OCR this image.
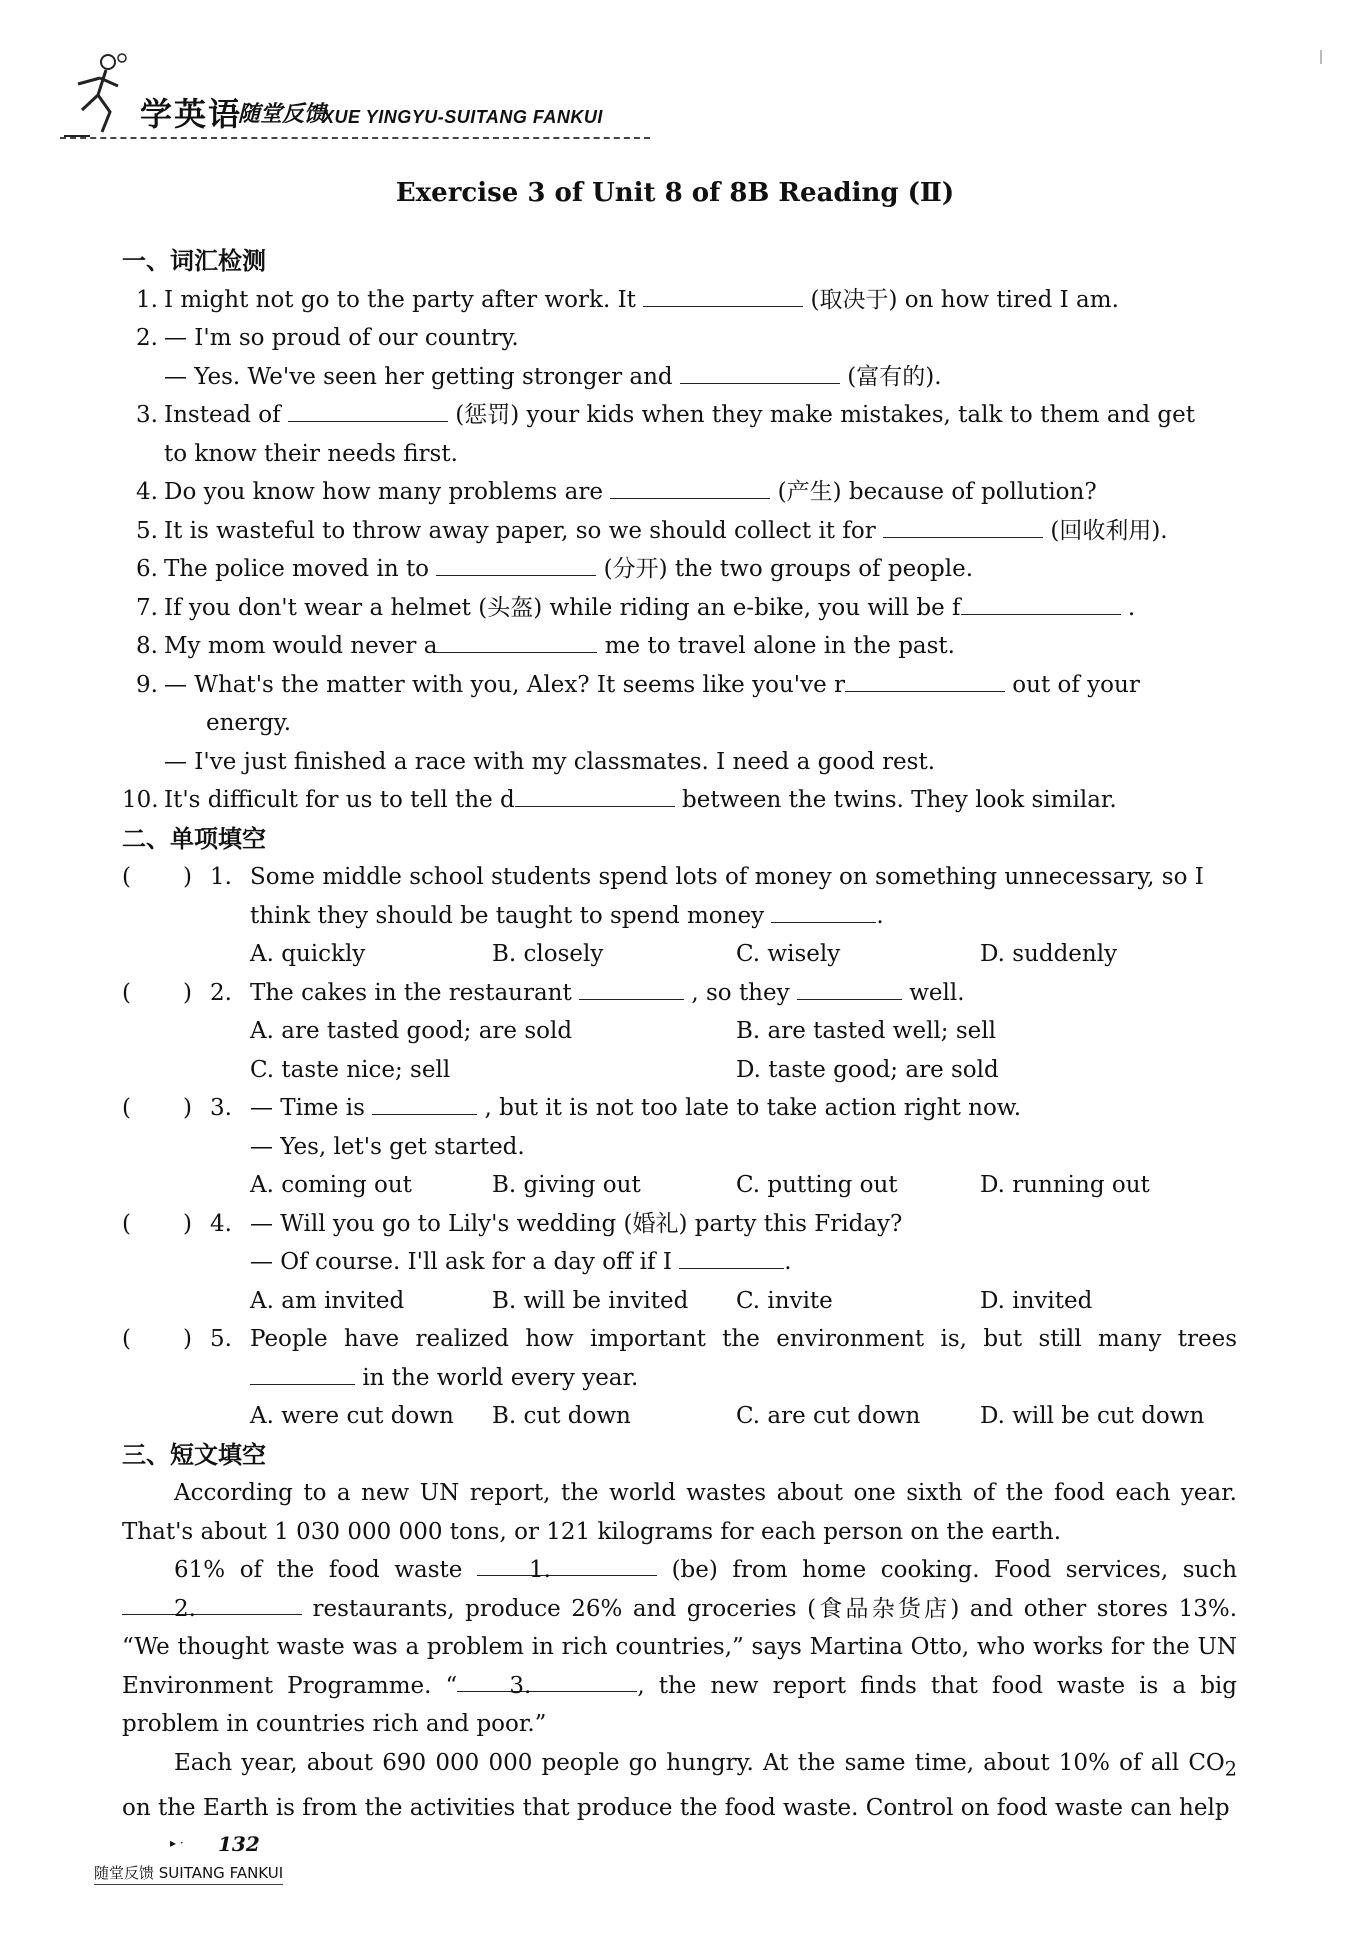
学英语
随堂反馈
XUE YINGYU-SUITANG FANKUI
Exercise 3 of Unit 8 of 8B Reading (Ⅱ)
一、词汇检测
1. I might not go to the party after work. It	(取决于) on how tired I am.
2. — I'm so proud of our country.
— Yes. We've seen her getting stronger and	(富有的).
3. Instead of	(惩罚) your kids when they make mistakes, talk to them and get
to know their needs first.
4. Do you know how many problems are	(产生) because of pollution?
5. It is wasteful to throw away paper, so we should collect it for	(回收利用).
6. The police moved in to	(分开) the two groups of people.
7. If you don't wear a helmet (头盔) while riding an e-bike, you will be f	.
8. My mom would never a	me to travel alone in the past.
9. — What's the matter with you, Alex? It seems like you've r	out of your
energy.
— I've just finished a race with my classmates. I need a good rest.
10. It's difficult for us to tell the d	between the twins. They look similar.
二、单项填空
( ) 1. Some middle school students spend lots of money on something unnecessary, so I
think they should be taught to spend money	.
A. quickly	B. closely	C. wisely	D. suddenly
( ) 2. The cakes in the restaurant	, so they	well.
A. are tasted good; are sold	B. are tasted well; sell
C. taste nice; sell	D. taste good; are sold
( ) 3. — Time is	, but it is not too late to take action right now.
— Yes, let's get started.
A. coming out	B. giving out	C. putting out	D. running out
( ) 4. — Will you go to Lily's wedding (婚礼) party this Friday?
— Of course. I'll ask for a day off if I	.
A. am invited	B. will be invited C. invite	D. invited
( ) 5. People have realized how important the environment is, but still many trees
in the world every year.
A. were cut down B. cut down	C. are cut down	D. will be cut down
三、短文填空
According to a new UN report, the world wastes about one sixth of the food each year. That's about 1 030 000 000 tons, or 121 kilograms for each person on the earth.
61% of the food waste	1.	(be) from home cooking. Food services, such 2.	restaurants, produce 26% and groceries (食品杂货店) and other stores 13%. “We thought waste was a problem in rich countries,” says Martina Otto, who works for the UN Environment Programme. “ 3.	, the new report finds that food waste is a big problem in countries rich and poor.”
Each year, about 690 000 000 people go hungry. At the same time, about 10% of all $CO_2$ on the Earth is from the activities that produce the food waste. Control on food waste can help
▸ · 132
随堂反馈 SUITANG FANKUI
